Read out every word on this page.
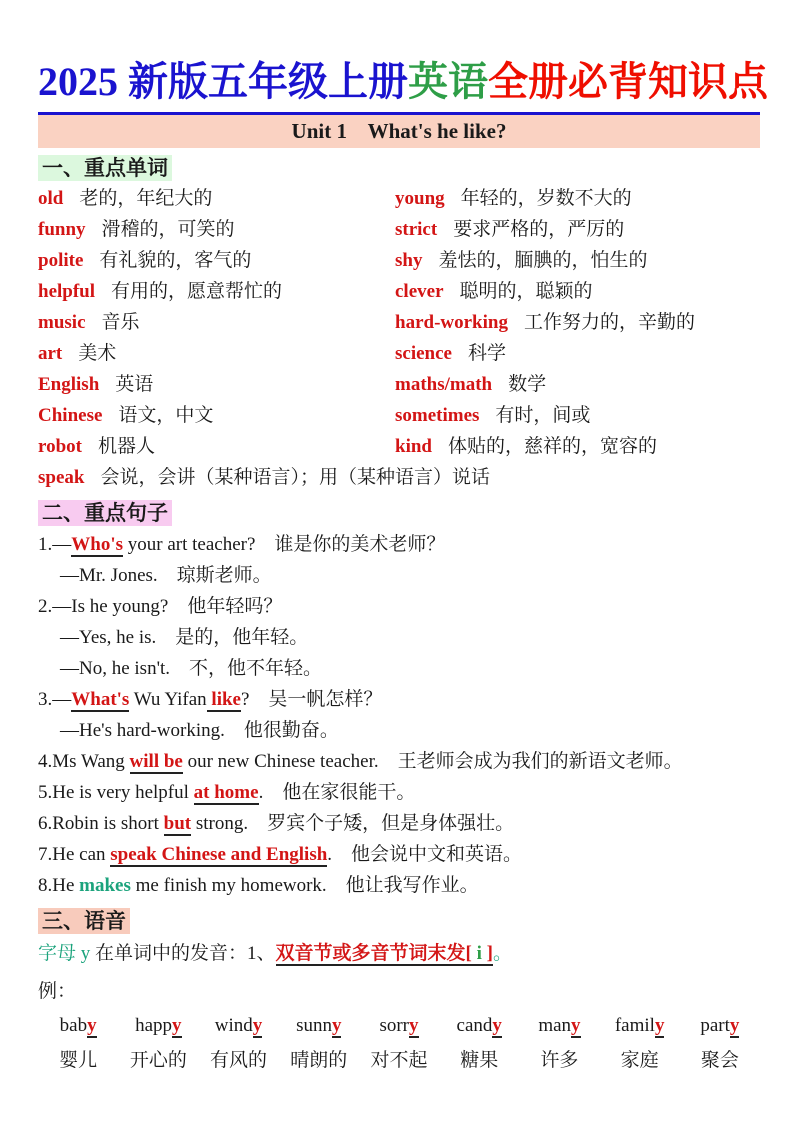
2025 新版五年级上册英语全册必背知识点
Unit 1    What's he like?
一、重点单词
old 老的，年纪大的	young 年轻的，岁数不大的
funny 滑稽的，可笑的	strict 要求严格的，严厉的
polite 有礼貌的，客气的	shy 羞怯的，腼腆的，怕生的
helpful 有用的，愿意帮忙的	clever 聪明的，聪颖的
music 音乐	hard-working 工作努力的，辛勤的
art 美术	science 科学
English 英语	maths/math 数学
Chinese 语文，中文	sometimes 有时，间或
robot 机器人	kind 体贴的，慈祥的，宽容的
speak 会说，会讲（某种语言）；用（某种语言）说话
二、重点句子
1.—Who's your art teacher?　谁是你的美术老师？
—Mr. Jones.　琼斯老师。
2.—Is he young?　他年轻吗？
—Yes, he is.　是的，他年轻。
—No, he isn't.　不，他不年轻。
3.—What's Wu Yifan like?　吴一帆怎样？
—He's hard-working.　他很勤奋。
4.Ms Wang will be our new Chinese teacher.　王老师会成为我们的新语文老师。
5.He is very helpful at home.　他在家很能干。
6.Robin is short but strong.　罗宾个子矮，但是身体强壮。
7.He can speak Chinese and English.　他会说中文和英语。
8.He makes me finish my homework.　他让我写作业。
三、语音
字母 y 在单词中的发音：1、双音节或多音节词末发[ i ]。
例：
baby	happy	windy	sunny	sorry	candy	many	family	party
婴儿	开心的	有风的	晴朗的	对不起	糖果	许多	家庭	聚会
